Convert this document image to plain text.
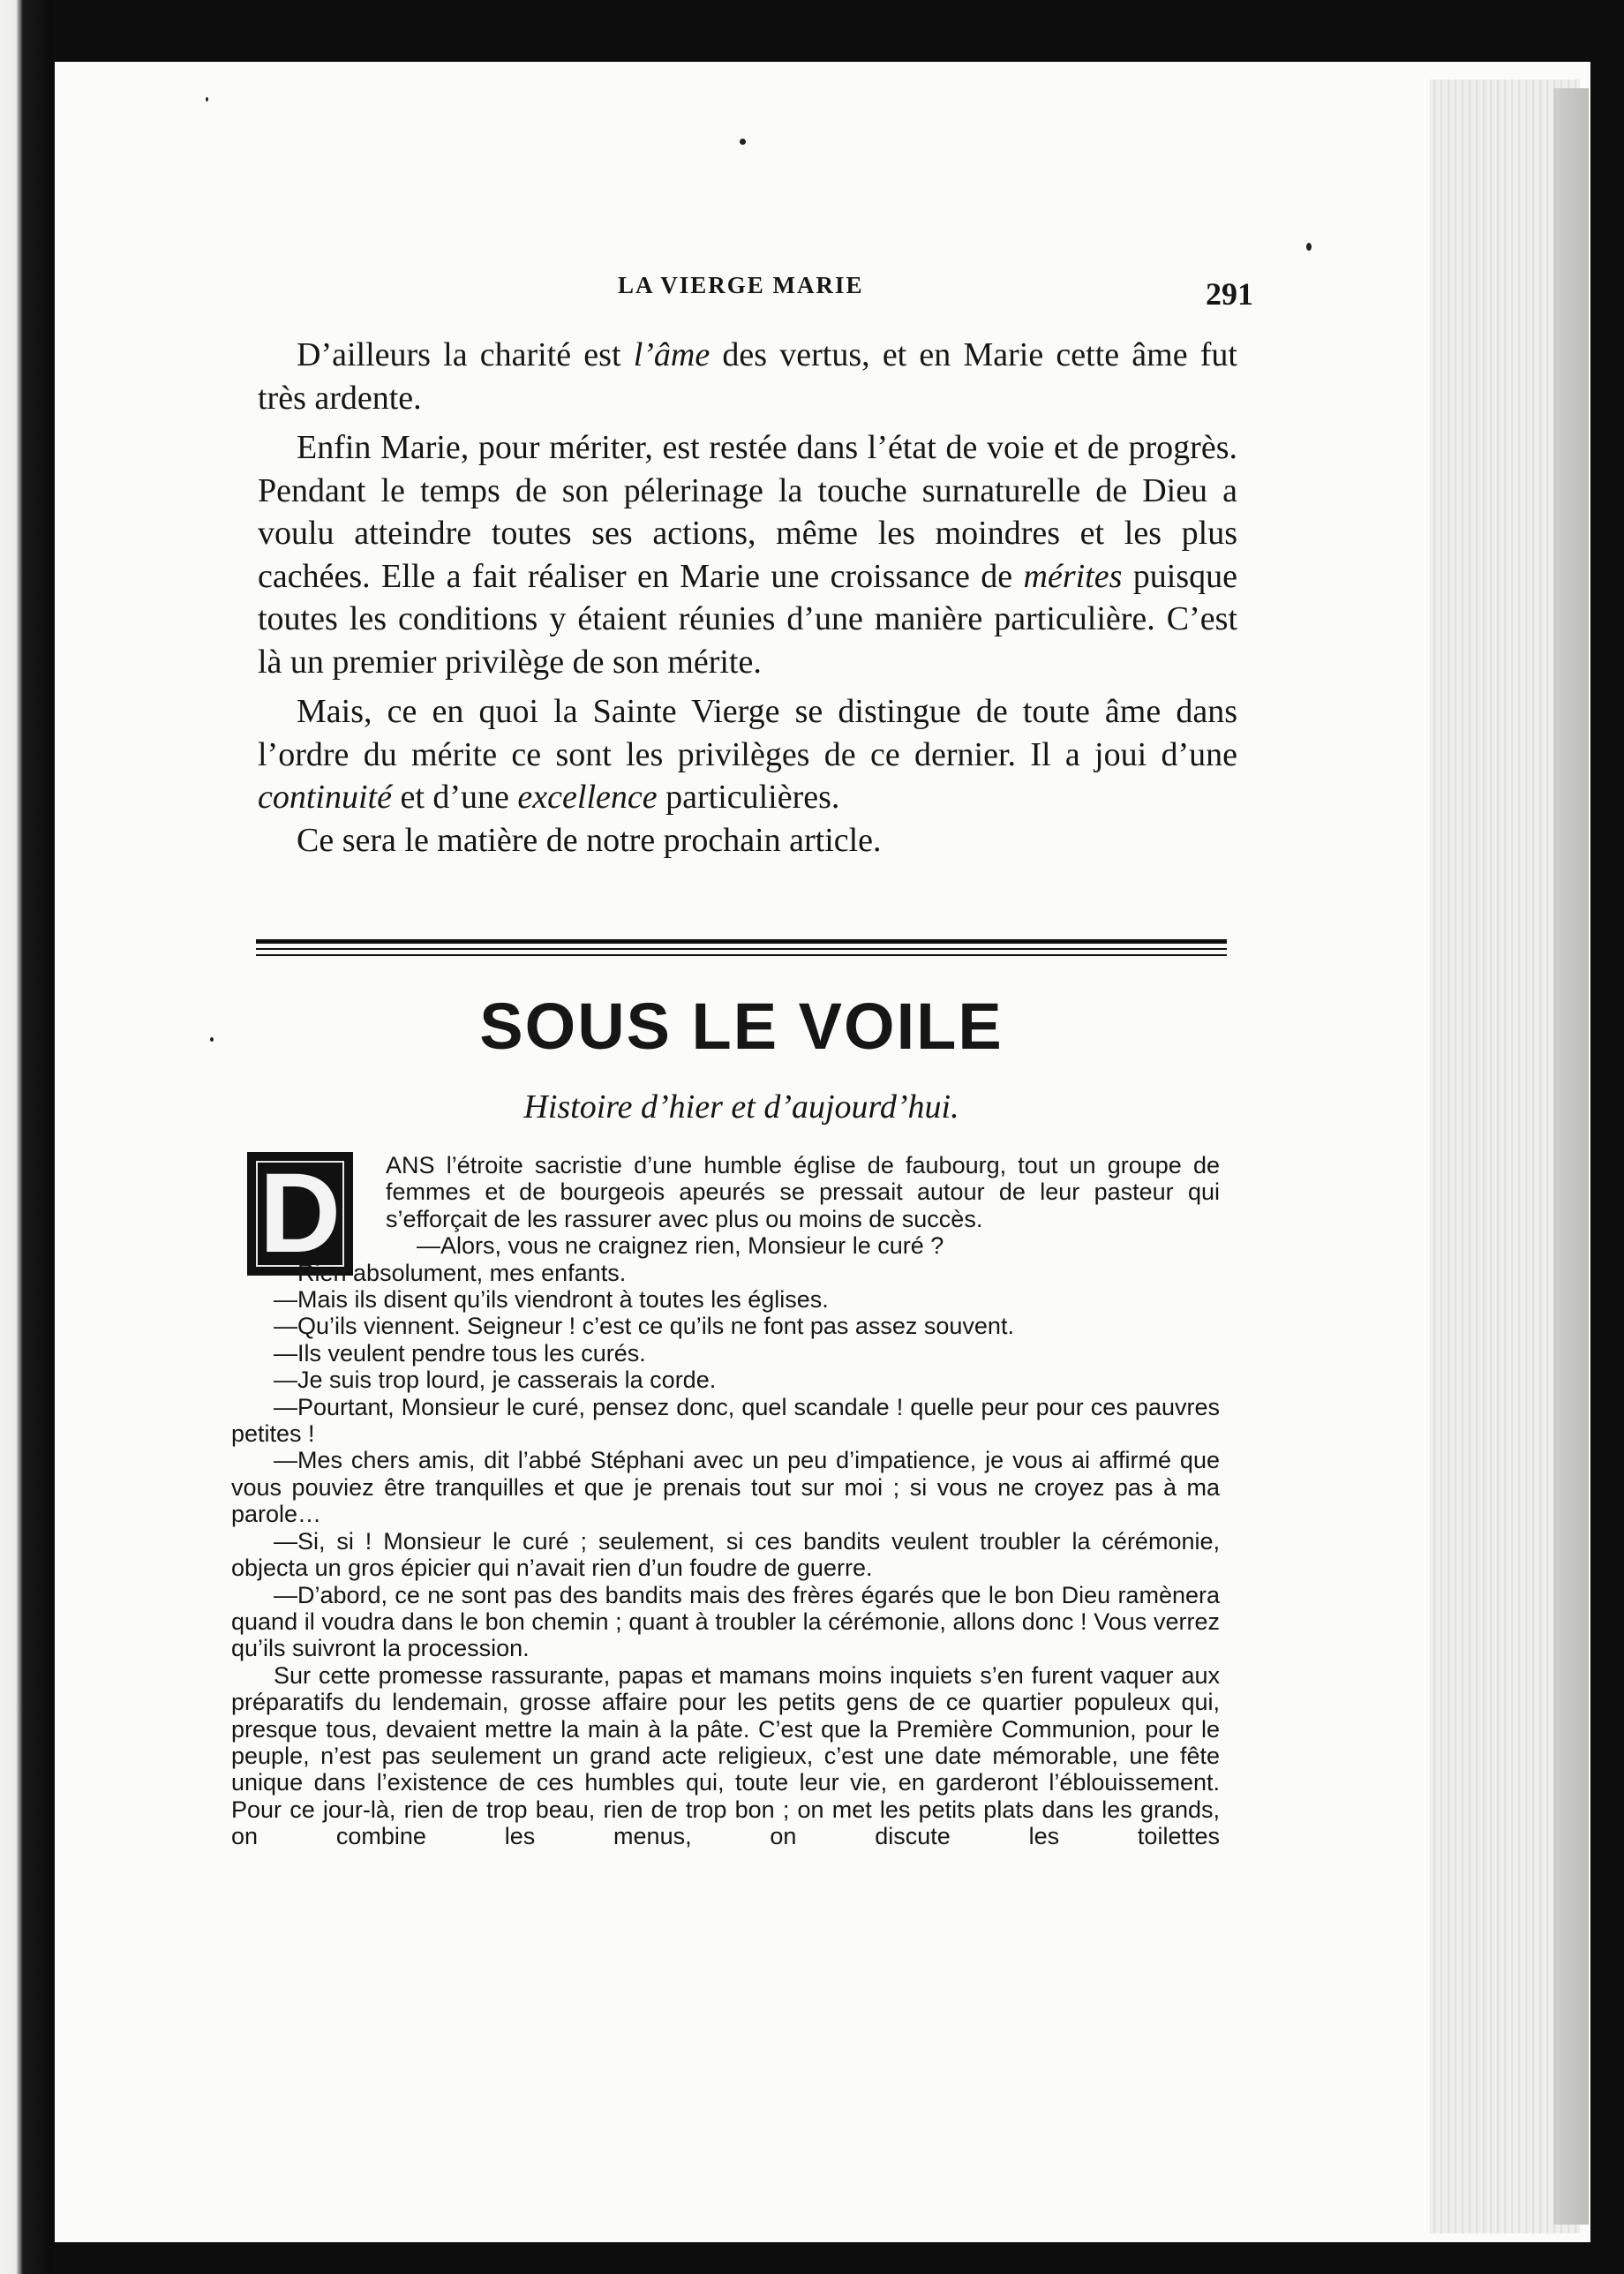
LA VIERGE MARIE	291

D’ailleurs la charité est l’âme des vertus, et en Marie cette âme fut très ardente.

Enfin Marie, pour mériter, est restée dans l’état de voie et de progrès. Pendant le temps de son pélerinage la touche surnaturelle de Dieu a voulu atteindre toutes ses actions, même les moindres et les plus cachées. Elle a fait réaliser en Marie une croissance de mérites puisque toutes les conditions y étaient réunies d’une manière particulière. C’est là un premier privilège de son mérite.

Mais, ce en quoi la Sainte Vierge se distingue de toute âme dans l’ordre du mérite ce sont les privilèges de ce dernier. Il a joui d’une continuité et d’une excellence particulières.

Ce sera le matière de notre prochain article.

SOUS LE VOILE
Histoire d’hier et d’aujourd’hui.
D ANS l’étroite sacristie d’une humble église de faubourg, tout un groupe de femmes et de bourgeois apeurés se pressait autour de leur pasteur qui s’efforçait de les rassurer avec plus ou moins de succès.

—Alors, vous ne craignez rien, Monsieur le curé ?

—Rien absolument, mes enfants.

—Mais ils disent qu’ils viendront à toutes les églises.

—Qu’ils viennent. Seigneur ! c’est ce qu’ils ne font pas assez souvent.

—Ils veulent pendre tous les curés.

—Je suis trop lourd, je casserais la corde.

—Pourtant, Monsieur le curé, pensez donc, quel scandale ! quelle peur pour ces pauvres petites !

—Mes chers amis, dit l’abbé Stéphani avec un peu d’impatience, je vous ai affirmé que vous pouviez être tranquilles et que je prenais tout sur moi ; si vous ne croyez pas à ma parole…

—Si, si ! Monsieur le curé ; seulement, si ces bandits veulent troubler la cérémonie, objecta un gros épicier qui n’avait rien d’un foudre de guerre.

—D’abord, ce ne sont pas des bandits mais des frères égarés que le bon Dieu ramènera quand il voudra dans le bon chemin ; quant à troubler la cérémonie, allons donc ! Vous verrez qu’ils suivront la procession.

Sur cette promesse rassurante, papas et mamans moins inquiets s’en furent vaquer aux préparatifs du lendemain, grosse affaire pour les petits gens de ce quartier populeux qui, presque tous, devaient mettre la main à la pâte. C’est que la Première Communion, pour le peuple, n’est pas seulement un grand acte religieux, c’est une date mémorable, une fête unique dans l’existence de ces humbles qui, toute leur vie, en garderont l’éblouissement. Pour ce jour-là, rien de trop beau, rien de trop bon ; on met les petits plats dans les grands, on combine les menus, on discute les toilettes
